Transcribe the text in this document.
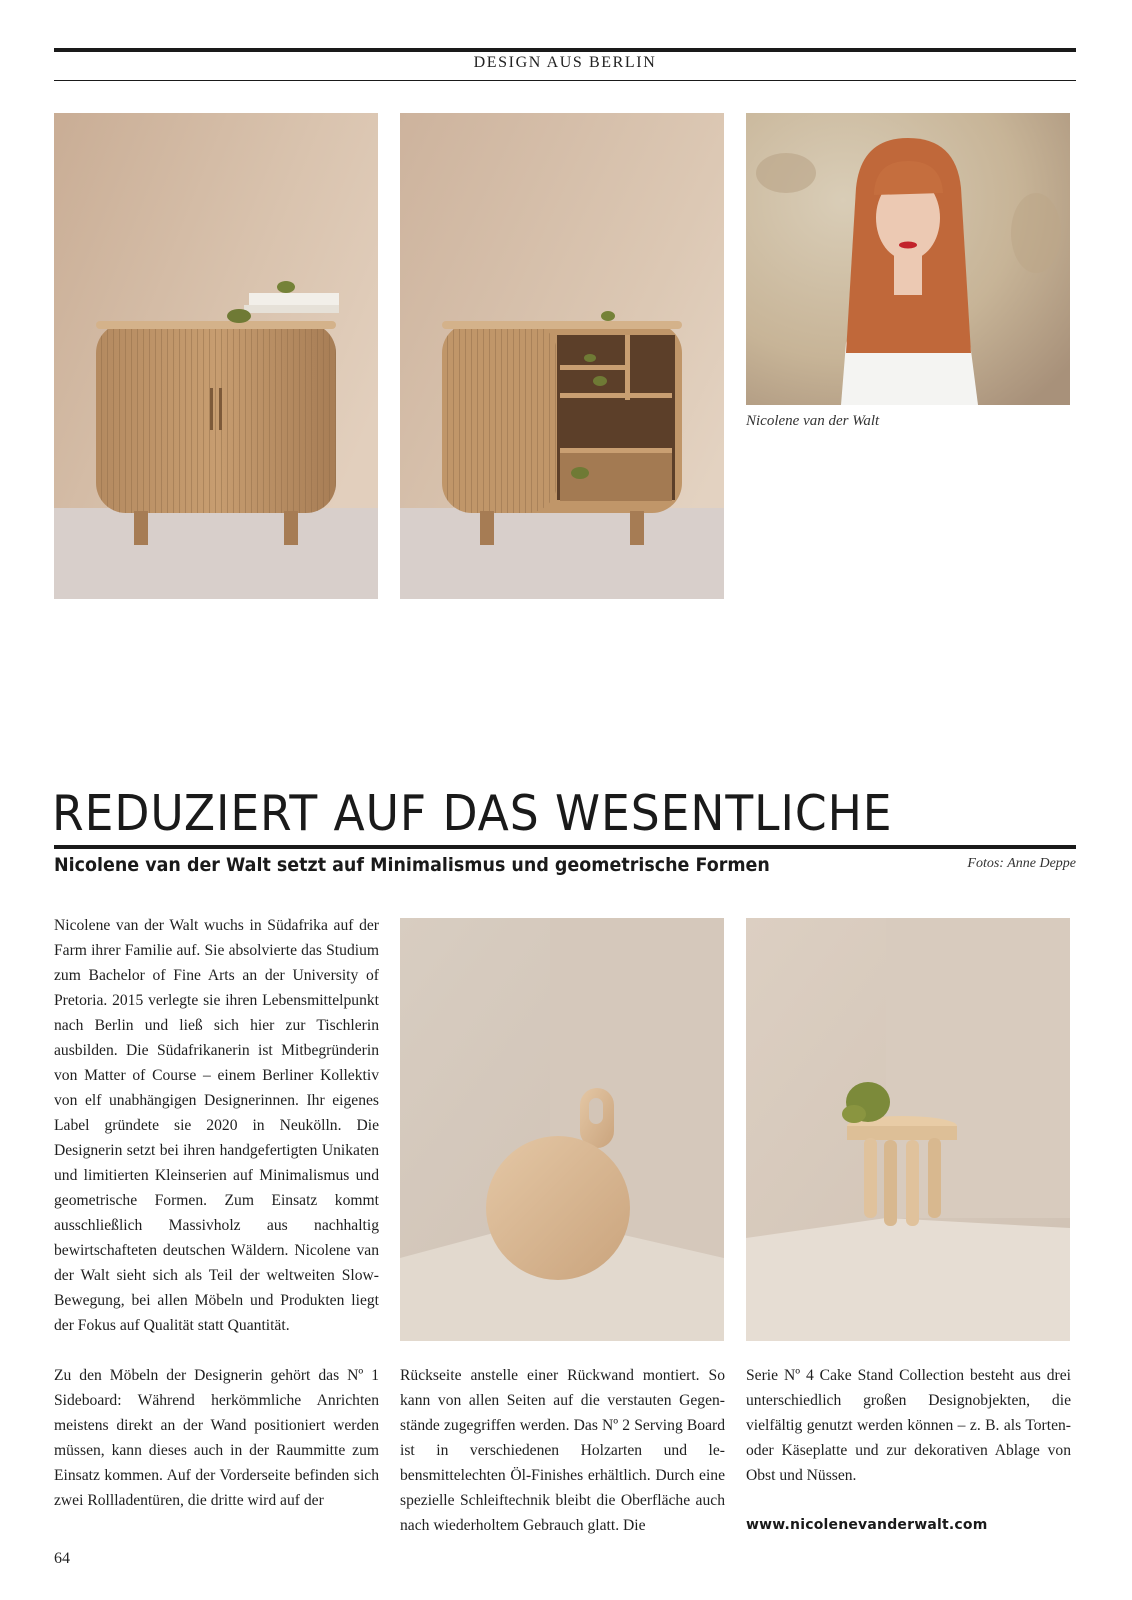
DESIGN AUS BERLIN
Nicolene van der Walt
REDUZIERT AUF DAS WESENTLICHE
Nicolene van der Walt setzt auf Minimalismus und geometrische Formen	Fotos: Anne Deppe

Nicolene van der Walt wuchs in Südafrika auf der Farm ihrer Familie auf. Sie absolvierte das Studium zum Bachelor of Fine Arts an der University of Pretoria. 2015 verlegte sie ihren Lebensmittelpunkt nach Berlin und ließ sich hier zur Tischlerin ausbilden. Die Südafrikanerin ist Mitbegründerin von Matter of Course – einem Berliner Kollektiv von elf unabhängigen Designerinnen. Ihr eigenes Label gründete sie 2020 in Neukölln. Die Designerin setzt bei ihren handgefertigten Unikaten und limitierten Kleinserien auf Minimalismus und geometrische Formen. Zum Einsatz kommt ausschließlich Massivholz aus nachhaltig bewirtschafteten deutschen Wäldern. Nicolene van der Walt sieht sich als Teil der weltweiten Slow-Bewegung, bei allen Möbeln und Produkten liegt der Fokus auf Qualität statt Quantität.

Zu den Möbeln der Designerin gehört das Nº 1 Sideboard: Während herkömmliche Anrichten meistens direkt an der Wand positioniert werden müssen, kann dieses auch in der Raummitte zum Einsatz kommen. Auf der Vorderseite befinden sich zwei Rollladentüren, die dritte wird auf der

Rückseite anstelle einer Rückwand montiert. So kann von allen Seiten auf die verstauten Gegenstände zugegriffen werden. Das Nº 2 Serving Board ist in verschiedenen Holzarten und lebensmittelechten Öl-Finishes erhältlich. Durch eine spezielle Schleiftechnik bleibt die Oberfläche auch nach wiederholtem Gebrauch glatt. Die

Serie Nº 4 Cake Stand Collection besteht aus drei unterschiedlich großen Designobjekten, die vielfältig genutzt werden können – z. B. als Torten- oder Käseplatte und zur dekorativen Ablage von Obst und Nüssen.

www.nicolenevanderwalt.com

64
